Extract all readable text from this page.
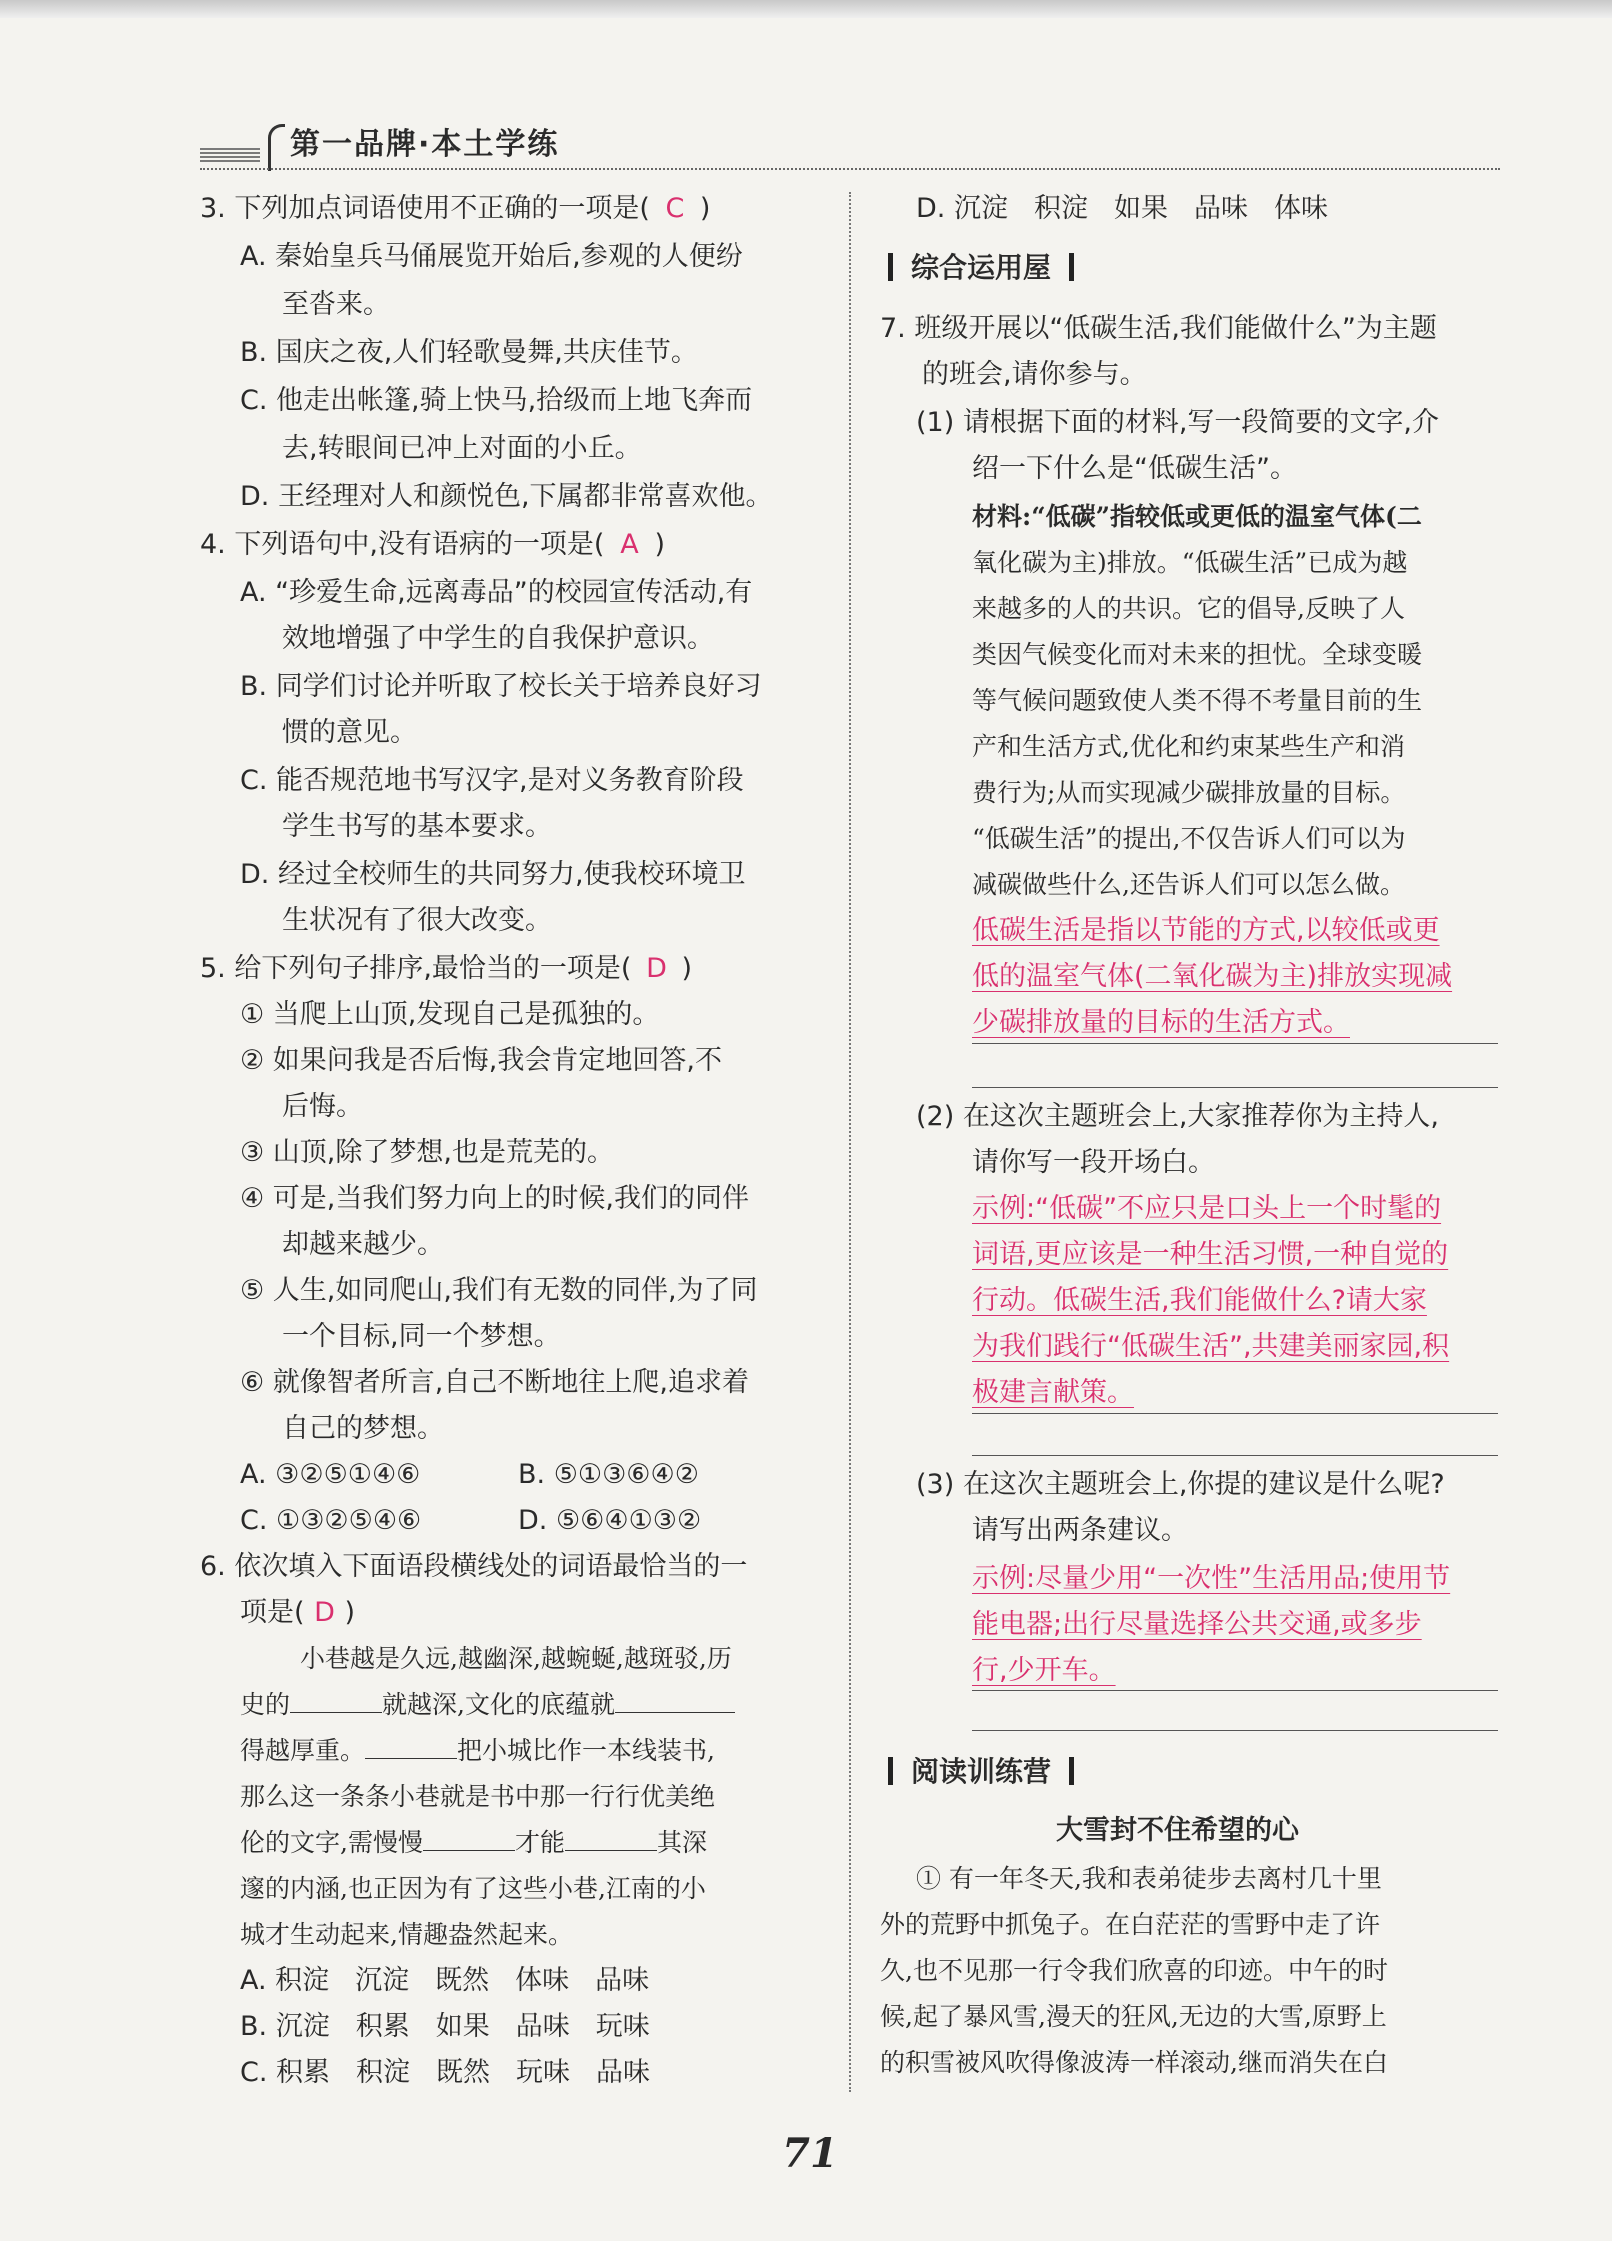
第一品牌·本土学练
3. 下列加点词语使用不正确的一项是( C )
A. 秦始皇兵马俑展览开始后,参观的人便纷
至沓来。
B. 国庆之夜,人们轻歌曼舞,共庆佳节。
C. 他走出帐篷,骑上快马,拾级而上地飞奔而
去,转眼间已冲上对面的小丘。
D. 王经理对人和颜悦色,下属都非常喜欢他。
4. 下列语句中,没有语病的一项是( A )
A. “珍爱生命,远离毒品”的校园宣传活动,有
效地增强了中学生的自我保护意识。
B. 同学们讨论并听取了校长关于培养良好习
惯的意见。
C. 能否规范地书写汉字,是对义务教育阶段
学生书写的基本要求。
D. 经过全校师生的共同努力,使我校环境卫
生状况有了很大改变。
5. 给下列句子排序,最恰当的一项是( D )
① 当爬上山顶,发现自己是孤独的。
② 如果问我是否后悔,我会肯定地回答,不
后悔。
③ 山顶,除了梦想,也是荒芜的。
④ 可是,当我们努力向上的时候,我们的同伴
却越来越少。
⑤ 人生,如同爬山,我们有无数的同伴,为了同
一个目标,同一个梦想。
⑥ 就像智者所言,自己不断地往上爬,追求着
自己的梦想。
A. ③②⑤①④⑥	B. ⑤①③⑥④②
C. ①③②⑤④⑥	D. ⑤⑥④①③②
6. 依次填入下面语段横线处的词语最恰当的一
项是( D )
小巷越是久远,越幽深,越蜿蜒,越斑驳,历
史的	就越深,文化的底蕴就
得越厚重。	把小城比作一本线装书,
那么这一条条小巷就是书中那一行行优美绝
伦的文字,需慢慢	才能	其深
邃的内涵,也正因为有了这些小巷,江南的小
城才生动起来,情趣盎然起来。
A. 积淀 沉淀 既然 体味 品味
B. 沉淀 积累 如果 品味 玩味
C. 积累 积淀 既然 玩味 品味
D. 沉淀 积淀 如果 品味 体味
综合运用屋
7. 班级开展以“低碳生活,我们能做什么”为主题
的班会,请你参与。
(1) 请根据下面的材料,写一段简要的文字,介
绍一下什么是“低碳生活”。
材料:“低碳”指较低或更低的温室气体(二
氧化碳为主)排放。“低碳生活”已成为越
来越多的人的共识。它的倡导,反映了人
类因气候变化而对未来的担忧。全球变暖
等气候问题致使人类不得不考量目前的生
产和生活方式,优化和约束某些生产和消
费行为;从而实现减少碳排放量的目标。
“低碳生活”的提出,不仅告诉人们可以为
减碳做些什么,还告诉人们可以怎么做。
低碳生活是指以节能的方式,以较低或更
低的温室气体(二氧化碳为主)排放实现减
少碳排放量的目标的生活方式。
(2) 在这次主题班会上,大家推荐你为主持人,
请你写一段开场白。
示例:“低碳”不应只是口头上一个时髦的
词语,更应该是一种生活习惯,一种自觉的
行动。低碳生活,我们能做什么?请大家
为我们践行“低碳生活”,共建美丽家园,积
极建言献策。
(3) 在这次主题班会上,你提的建议是什么呢?
请写出两条建议。
示例:尽量少用“一次性”生活用品;使用节
能电器;出行尽量选择公共交通,或多步
行,少开车。
阅读训练营
大雪封不住希望的心
① 有一年冬天,我和表弟徒步去离村几十里
外的荒野中抓兔子。在白茫茫的雪野中走了许
久,也不见那一行令我们欣喜的印迹。中午的时
候,起了暴风雪,漫天的狂风,无边的大雪,原野上
的积雪被风吹得像波涛一样滚动,继而消失在白
71
